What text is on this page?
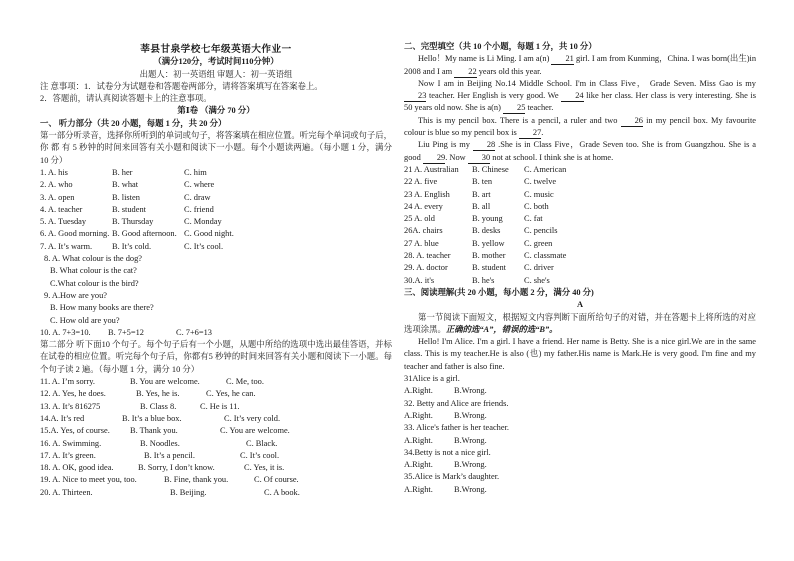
莘县甘泉学校七年级英语大作业一

（满分120分，考试时间110分钟）

出题人：初一英语组 审题人：初一英语组

注 意事项：1．试卷分为试题卷和答题卷两部分，请将答案填写在答案卷上。

2．答题前，请认真阅读答题卡上的注意事项。

第Ⅰ卷 （满分 70 分）

一、 听力部分（共 20 小题，每题 1 分，共 20 分）

第一部分听录音，选择你所听到的单词或句子，将答案填在相应位置。听完每个单词或句子后，你 都 有 5 秒钟的时间来回答有关小题和阅读下一小题。每个小题读两遍。（每小题 1 分，满分 10 分）

1. A. his	B. her	C. him
2. A. who	B. what	C. where
3. A. open	B. listen	C. draw
4. A. teacher	B. student	C. friend
5. A. Tuesday	B. Thursday	C. Monday
6. A. Good morning. B. Good afternoon. C. Good night.
7. A. It’s warm.	B. It’s cold.	C. It’s cool.

8. A. What colour is the dog?

B. What colour is the cat?

C.What colour is the bird?

9. A.How are you?

B. How many books are there?

C. How old are you?

10. A. 7+3=10.	B. 7+5=12	C. 7+6=13

第二部分 听下面10 个句子。每个句子后有一个小题，从题中所给的选项中选出最佳答语，并标在试卷的相应位置。听完每个句子后，你都有5 秒钟的时间来回答有关小题和阅读下一小题。每个句子读 2 遍。（每小题 1 分，满分 10 分）

11. A. I’m sorry.	B. You are welcome.	C. Me, too.
12. A. Yes, he does.	B. Yes, he is.	C. Yes, he can.
13. A. It’s 816275	B. Class 8.	C. He is 11.
14.A. It’s red	B. It’s a blue box.	C. It’s very cold.
15.A. Yes, of course.	B. Thank you.	C. You are welcome.
16. A. Swimming.	B. Noodles.	C. Black.
17. A. It’s green.	B. It’s a pencil.	C. It’s cool.
18. A. OK, good idea.	B. Sorry, I don’t know.	C. Yes, it is.
19. A. Nice to meet you, too.	B. Fine, thank you.	C. Of course.
20. A. Thirteen.	B. Beijing.	C. A book.

二、完型填空（共 10 个小题，每题 1 分，共 10 分）

Hello！My name is Li Ming. I am a(n) 21 girl. I am from Kunming，China. I was born(出生)in 2008 and I am 22 years old this year.

Now I am in Beijing No.14 Middle School. I'm in Class Five， Grade Seven. Miss Gao is my 23 teacher. Her English is very good. We 24 like her class. Her class is very interesting. She is 50 years old now. She is a(n) 25 teacher.

This is my pencil box. There is a pencil, a ruler and two 26 in my pencil box. My favourite colour is blue so my pencil box is 27.

Liu Ping is my 28 .She is in Class Five，Grade Seven too. She is from Guangzhou. She is a good 29. Now 30 not at school. I think she is at home.

21 A. Australian	B. Chinese	C. American
22 A. five	B. ten	C. twelve
23 A. English	B. art	C. music
24 A. every	B. all	C. both
25 A. old	B. young	C. fat
26A. chairs	B. desks	C. pencils
27 A. blue	B. yellow	C. green
28. A. teacher	B. mother	C. classmate
29. A. doctor	B. student	C. driver
30.A. it's	B. he's	C. she's

三、阅读理解(共 20 小题，每小题 2 分，满分 40 分)

A

第一节阅读下面短文，根据短文内容判断下面所给句子的对错，并在答题卡上将所选的对应选项涂黑。正确的选“A”，错误的选“B”。

Hello! I'm Alice. I'm a girl. I have a friend. Her name is Betty. She is a nice girl.We are in the same class. This is my teacher.He is also (也) my father.His name is Mark.He is very good. I'm fine and my teacher and father is also fine.

31Alice is a girl.

A.Right.	B.Wrong.

32. Betty and Alice are friends.

A.Right.	B.Wrong.

33. Alice's father is her teacher.

A.Right.	B.Wrong.

34.Betty is not a nice girl.

A.Right.	B.Wrong.

35.Alice is Mark’s daughter.

A.Right.	B.Wrong.
